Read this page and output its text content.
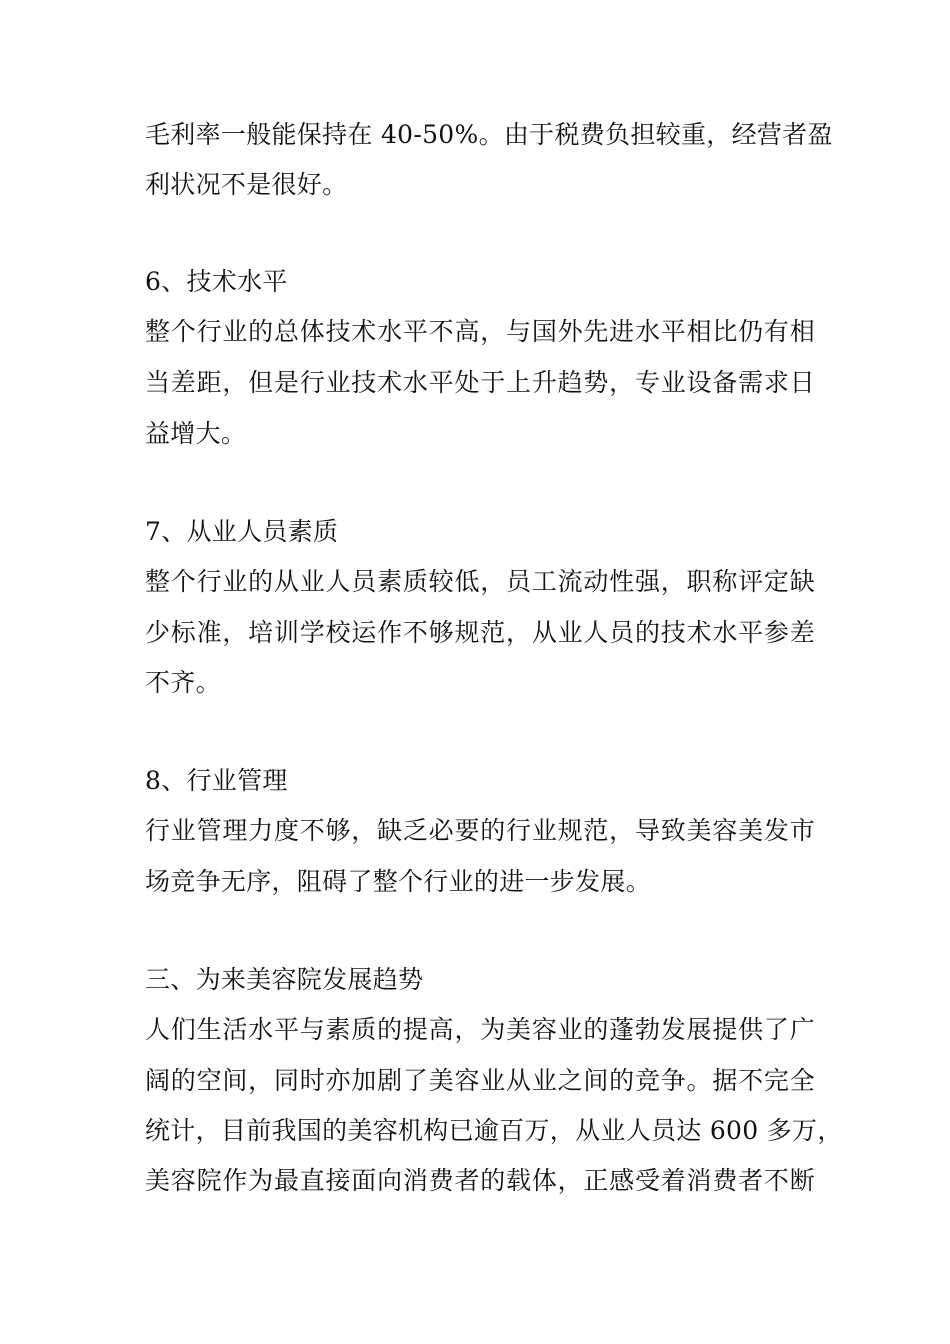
毛利率一般能保持在 40-50%。由于税费负担较重，经营者盈
利状况不是很好。
6、技术水平
整个行业的总体技术水平不高，与国外先进水平相比仍有相
当差距，但是行业技术水平处于上升趋势，专业设备需求日
益增大。
7、从业人员素质
整个行业的从业人员素质较低，员工流动性强，职称评定缺
少标准，培训学校运作不够规范，从业人员的技术水平参差
不齐。
8、行业管理
行业管理力度不够，缺乏必要的行业规范，导致美容美发市
场竞争无序，阻碍了整个行业的进一步发展。
三、为来美容院发展趋势
人们生活水平与素质的提高，为美容业的蓬勃发展提供了广
阔的空间，同时亦加剧了美容业从业之间的竞争。据不完全
统计，目前我国的美容机构已逾百万，从业人员达 600 多万，
美容院作为最直接面向消费者的载体，正感受着消费者不断
